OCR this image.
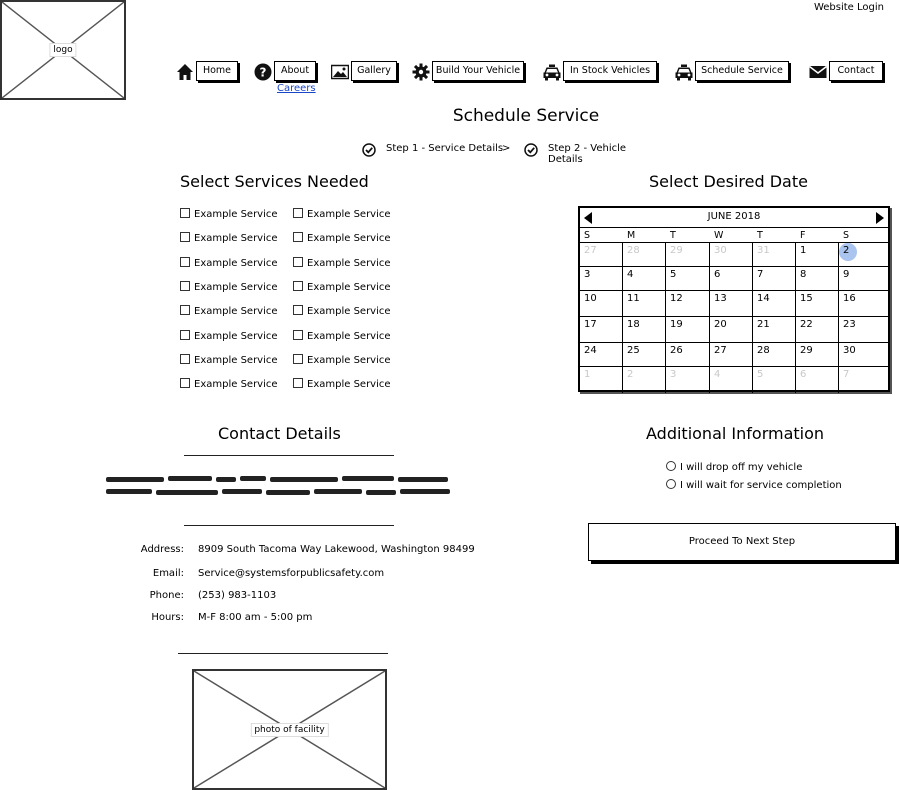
logo
Website Login
Home	?	About	Gallery	Build Your Vehicle	In Stock Vehicles	Schedule Service	Contact
Careers
Schedule Service
Step 1 - Service Details
>	Step 2 - Vehicle Details
Select Services Needed
Example Service	Example Service
Example Service	Example Service
Example Service	Example Service
Example Service	Example Service
Example Service	Example Service
Example Service	Example Service
Example Service	Example Service
Example Service	Example Service
Select Desired Date
JUNE 2018
S	M	T	W	T	F	S
27	28	29	30	31	1	2
3	4	5	6	7	8	9
10	11	12	13	14	15	16
17	18	19	20	21	22	23
24	25	26	27	28	29	30
1	2	3	4	5	6	7
Contact Details
Address: 8909 South Tacoma Way Lakewood, Washington 98499
Email: Service@systemsforpublicsafety.com
Phone: (253) 983-1103
Hours: M-F 8:00 am - 5:00 pm
photo of facility
Additional Information
I will drop off my vehicle
I will wait for service completion
Proceed To Next Step
